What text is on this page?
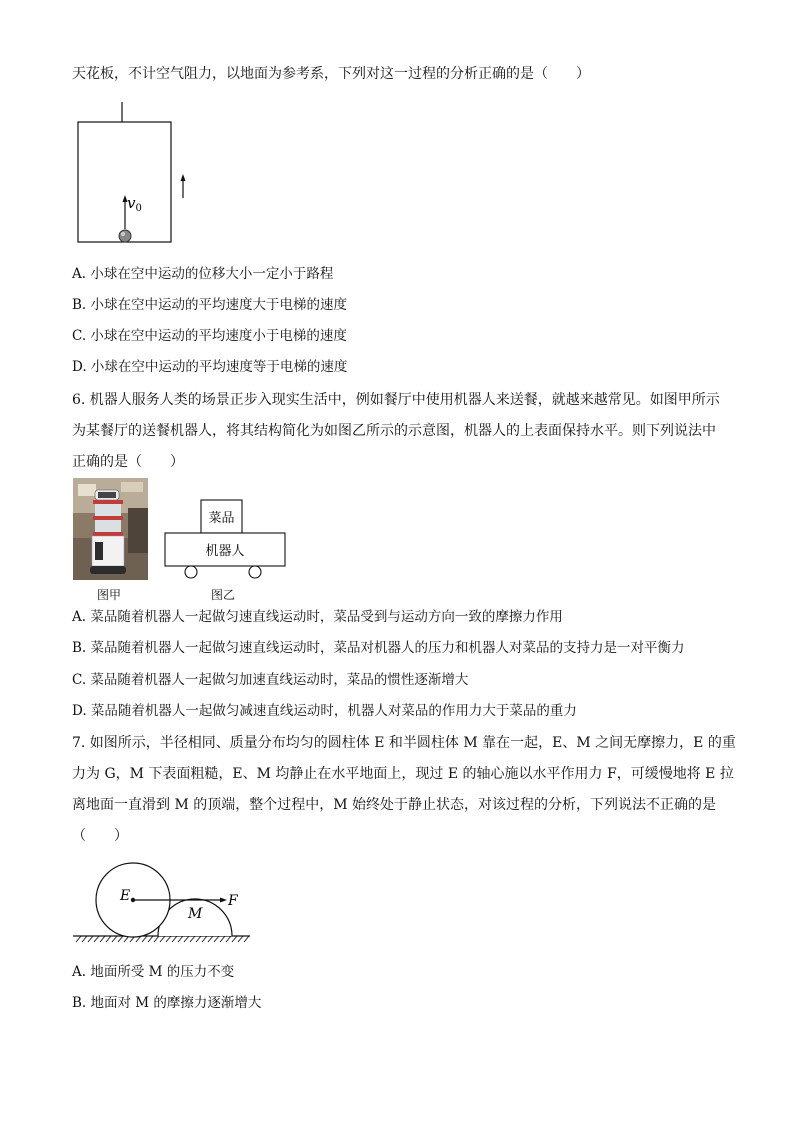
天花板，不计空气阻力，以地面为参考系，下列对这一过程的分析正确的是（　　）
$v_0$
A. 小球在空中运动的位移大小一定小于路程
B. 小球在空中运动的平均速度大于电梯的速度
C. 小球在空中运动的平均速度小于电梯的速度
D. 小球在空中运动的平均速度等于电梯的速度
6. 机器人服务人类的场景正步入现实生活中，例如餐厅中使用机器人来送餐，就越来越常见。如图甲所示
为某餐厅的送餐机器人，将其结构简化为如图乙所示的示意图，机器人的上表面保持水平。则下列说法中
正确的是（　　）
图甲
菜品
机器人
图乙
A. 菜品随着机器人一起做匀速直线运动时，菜品受到与运动方向一致的摩擦力作用
B. 菜品随着机器人一起做匀速直线运动时，菜品对机器人的压力和机器人对菜品的支持力是一对平衡力
C. 菜品随着机器人一起做匀加速直线运动时，菜品的惯性逐渐增大
D. 菜品随着机器人一起做匀减速直线运动时，机器人对菜品的作用力大于菜品的重力
7. 如图所示，半径相同、质量分布均匀的圆柱体 E 和半圆柱体 M 靠在一起，E、M 之间无摩擦力，E 的重
力为 G，M 下表面粗糙，E、M 均静止在水平地面上，现过 E 的轴心施以水平作用力 F，可缓慢地将 E 拉
离地面一直滑到 M 的顶端，整个过程中，M 始终处于静止状态，对该过程的分析，下列说法不正确的是
（　　）
E
M
F
A. 地面所受 M 的压力不变
B. 地面对 M 的摩擦力逐渐增大
